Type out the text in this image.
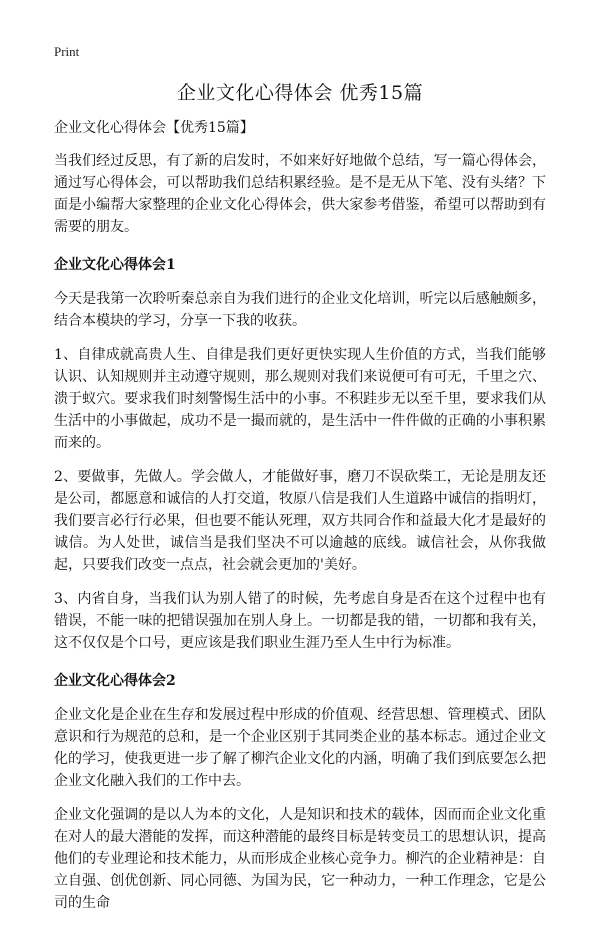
Print
企业文化心得体会 优秀15篇
企业文化心得体会【优秀15篇】

当我们经过反思，有了新的启发时，不如来好好地做个总结，写一篇心得体会，通过写心得体会，可以帮助我们总结积累经验。是不是无从下笔、没有头绪？下面是小编帮大家整理的企业文化心得体会，供大家参考借鉴，希望可以帮助到有需要的朋友。

企业文化心得体会1

今天是我第一次聆听秦总亲自为我们进行的企业文化培训，听完以后感触颇多，结合本模块的学习，分享一下我的收获。

1、自律成就高贵人生、自律是我们更好更快实现人生价值的方式，当我们能够认识、认知规则并主动遵守规则，那么规则对我们来说便可有可无，千里之穴、溃于蚁穴。要求我们时刻警惕生活中的小事。不积跬步无以至千里，要求我们从生活中的小事做起，成功不是一撮而就的，是生活中一件件做的正确的小事积累而来的。

2、要做事，先做人。学会做人，才能做好事，磨刀不误砍柴工，无论是朋友还是公司，都愿意和诚信的人打交道，牧原八信是我们人生道路中诚信的指明灯，我们要言必行行必果，但也要不能认死理，双方共同合作和益最大化才是最好的诚信。为人处世，诚信当是我们坚决不可以逾越的底线。诚信社会，从你我做起，只要我们改变一点点，社会就会更加的'美好。

3、内省自身，当我们认为别人错了的时候，先考虑自身是否在这个过程中也有错误，不能一味的把错误强加在别人身上。一切都是我的错，一切都和我有关，这不仅仅是个口号，更应该是我们职业生涯乃至人生中行为标准。

企业文化心得体会2

企业文化是企业在生存和发展过程中形成的价值观、经营思想、管理模式、团队意识和行为规范的总和，是一个企业区别于其同类企业的基本标志。通过企业文化的学习，使我更进一步了解了柳汽企业文化的内涵，明确了我们到底要怎么把企业文化融入我们的工作中去。

企业文化强调的是以人为本的文化，人是知识和技术的载体，因而而企业文化重在对人的最大潜能的发挥，而这种潜能的最终目标是转变员工的思想认识，提高他们的专业理论和技术能力，从而形成企业核心竞争力。柳汽的企业精神是：自立自强、创优创新、同心同德、为国为民，它一种动力，一种工作理念，它是公司的生命
